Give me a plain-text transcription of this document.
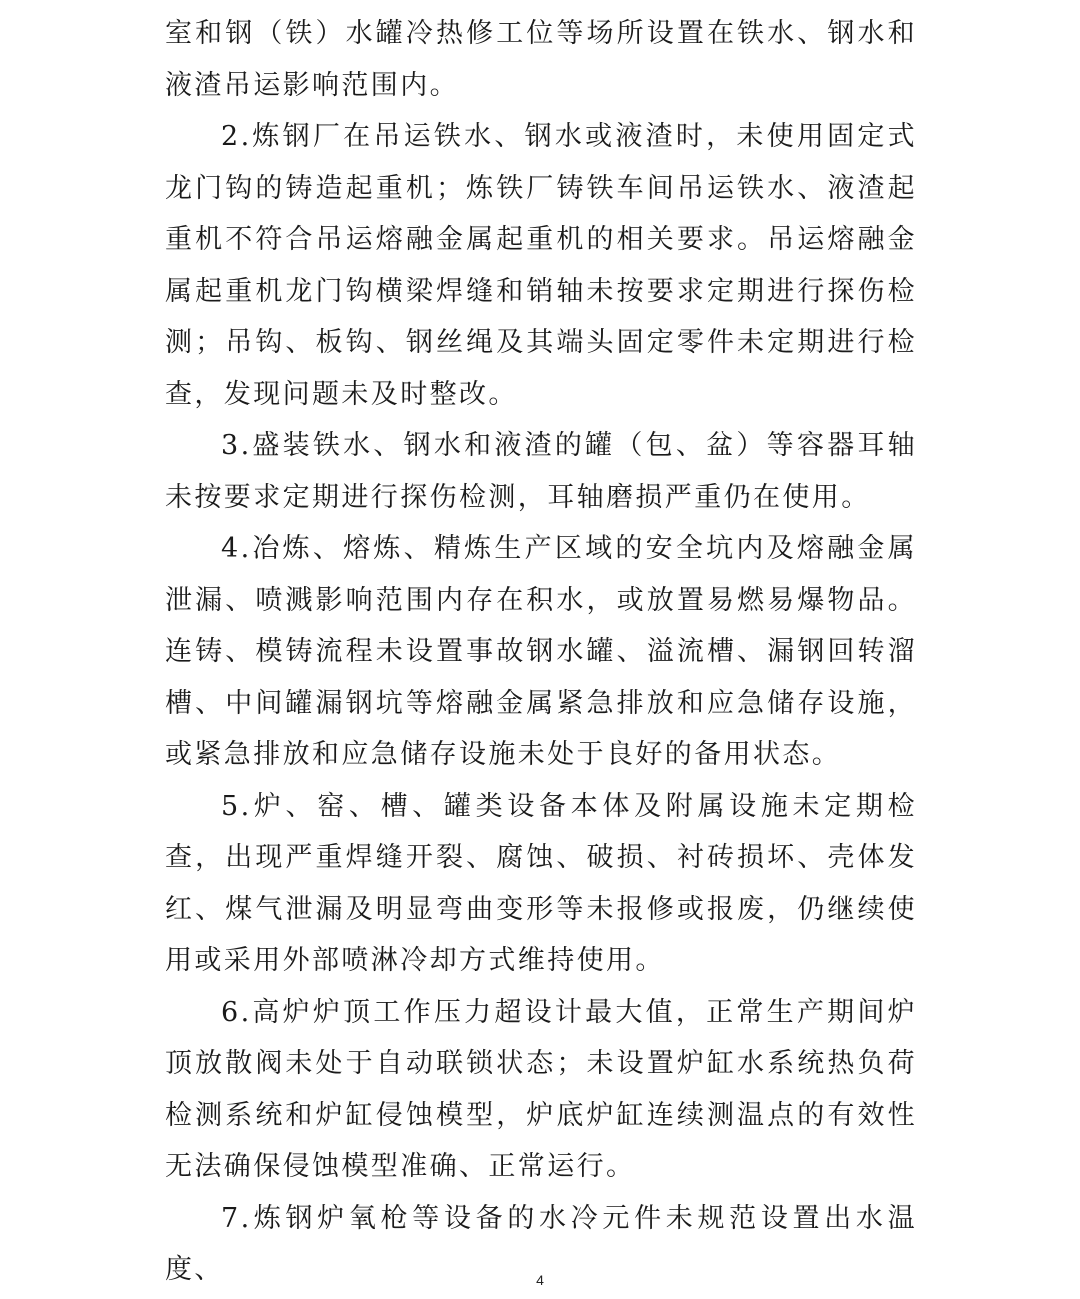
室和钢（铁）水罐冷热修工位等场所设置在铁水、钢水和液渣吊运影响范围内。

2.炼钢厂在吊运铁水、钢水或液渣时，未使用固定式龙门钩的铸造起重机；炼铁厂铸铁车间吊运铁水、液渣起重机不符合吊运熔融金属起重机的相关要求。吊运熔融金属起重机龙门钩横梁焊缝和销轴未按要求定期进行探伤检测；吊钩、板钩、钢丝绳及其端头固定零件未定期进行检查，发现问题未及时整改。

3.盛装铁水、钢水和液渣的罐（包、盆）等容器耳轴未按要求定期进行探伤检测，耳轴磨损严重仍在使用。

4.冶炼、熔炼、精炼生产区域的安全坑内及熔融金属泄漏、喷溅影响范围内存在积水，或放置易燃易爆物品。连铸、模铸流程未设置事故钢水罐、溢流槽、漏钢回转溜槽、中间罐漏钢坑等熔融金属紧急排放和应急储存设施，或紧急排放和应急储存设施未处于良好的备用状态。

5.炉、窑、槽、罐类设备本体及附属设施未定期检查，出现严重焊缝开裂、腐蚀、破损、衬砖损坏、壳体发红、煤气泄漏及明显弯曲变形等未报修或报废，仍继续使用或采用外部喷淋冷却方式维持使用。

6.高炉炉顶工作压力超设计最大值，正常生产期间炉顶放散阀未处于自动联锁状态；未设置炉缸水系统热负荷检测系统和炉缸侵蚀模型，炉底炉缸连续测温点的有效性无法确保侵蚀模型准确、正常运行。

7.炼钢炉氧枪等设备的水冷元件未规范设置出水温度、	4
